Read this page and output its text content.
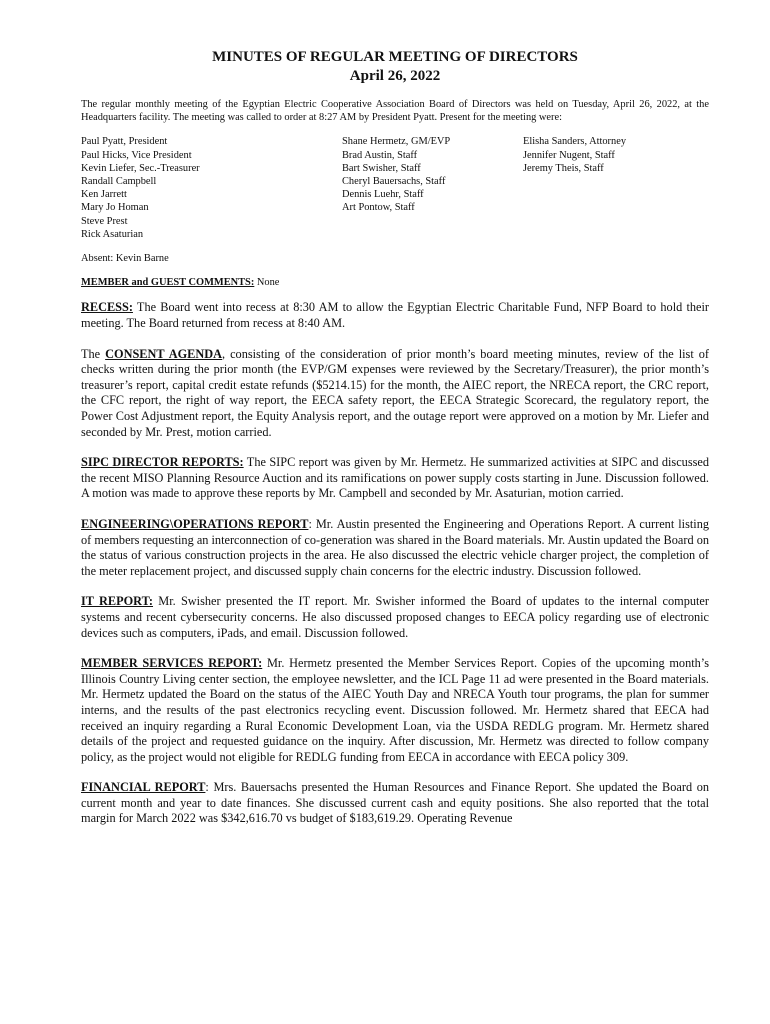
MINUTES OF REGULAR MEETING OF DIRECTORS
April 26, 2022

The regular monthly meeting of the Egyptian Electric Cooperative Association Board of Directors was held on Tuesday, April 26, 2022, at the Headquarters facility. The meeting was called to order at 8:27 AM by President Pyatt. Present for the meeting were:

Paul Pyatt, President
Paul Hicks, Vice President
Kevin Liefer, Sec.-Treasurer
Randall Campbell
Ken Jarrett
Mary Jo Homan
Steve Prest
Rick Asaturian
Shane Hermetz, GM/EVP
Brad Austin, Staff
Bart Swisher, Staff
Cheryl Bauersachs, Staff
Dennis Luehr, Staff
Art Pontow, Staff
Elisha Sanders, Attorney
Jennifer Nugent, Staff
Jeremy Theis, Staff
Absent: Kevin Barne
MEMBER and GUEST COMMENTS: None

RECESS: The Board went into recess at 8:30 AM to allow the Egyptian Electric Charitable Fund, NFP Board to hold their meeting. The Board returned from recess at 8:40 AM.

The CONSENT AGENDA, consisting of the consideration of prior month’s board meeting minutes, review of the list of checks written during the prior month (the EVP/GM expenses were reviewed by the Secretary/Treasurer), the prior month’s treasurer’s report, capital credit estate refunds ($5214.15) for the month, the AIEC report, the NRECA report, the CRC report, the CFC report, the right of way report, the EECA safety report, the EECA Strategic Scorecard, the regulatory report, the Power Cost Adjustment report, the Equity Analysis report, and the outage report were approved on a motion by Mr. Liefer and seconded by Mr. Prest, motion carried.

SIPC DIRECTOR REPORTS: The SIPC report was given by Mr. Hermetz. He summarized activities at SIPC and discussed the recent MISO Planning Resource Auction and its ramifications on power supply costs starting in June. Discussion followed. A motion was made to approve these reports by Mr. Campbell and seconded by Mr. Asaturian, motion carried.

ENGINEERING\OPERATIONS REPORT: Mr. Austin presented the Engineering and Operations Report. A current listing of members requesting an interconnection of co-generation was shared in the Board materials. Mr. Austin updated the Board on the status of various construction projects in the area. He also discussed the electric vehicle charger project, the completion of the meter replacement project, and discussed supply chain concerns for the electric industry. Discussion followed.

IT REPORT: Mr. Swisher presented the IT report. Mr. Swisher informed the Board of updates to the internal computer systems and recent cybersecurity concerns. He also discussed proposed changes to EECA policy regarding use of electronic devices such as computers, iPads, and email. Discussion followed.

MEMBER SERVICES REPORT: Mr. Hermetz presented the Member Services Report. Copies of the upcoming month’s Illinois Country Living center section, the employee newsletter, and the ICL Page 11 ad were presented in the Board materials. Mr. Hermetz updated the Board on the status of the AIEC Youth Day and NRECA Youth tour programs, the plan for summer interns, and the results of the past electronics recycling event. Discussion followed. Mr. Hermetz shared that EECA had received an inquiry regarding a Rural Economic Development Loan, via the USDA REDLG program. Mr. Hermetz shared details of the project and requested guidance on the inquiry. After discussion, Mr. Hermetz was directed to follow company policy, as the project would not eligible for REDLG funding from EECA in accordance with EECA policy 309.

FINANCIAL REPORT: Mrs. Bauersachs presented the Human Resources and Finance Report. She updated the Board on current month and year to date finances. She discussed current cash and equity positions. She also reported that the total margin for March 2022 was $342,616.70 vs budget of $183,619.29. Operating Revenue
